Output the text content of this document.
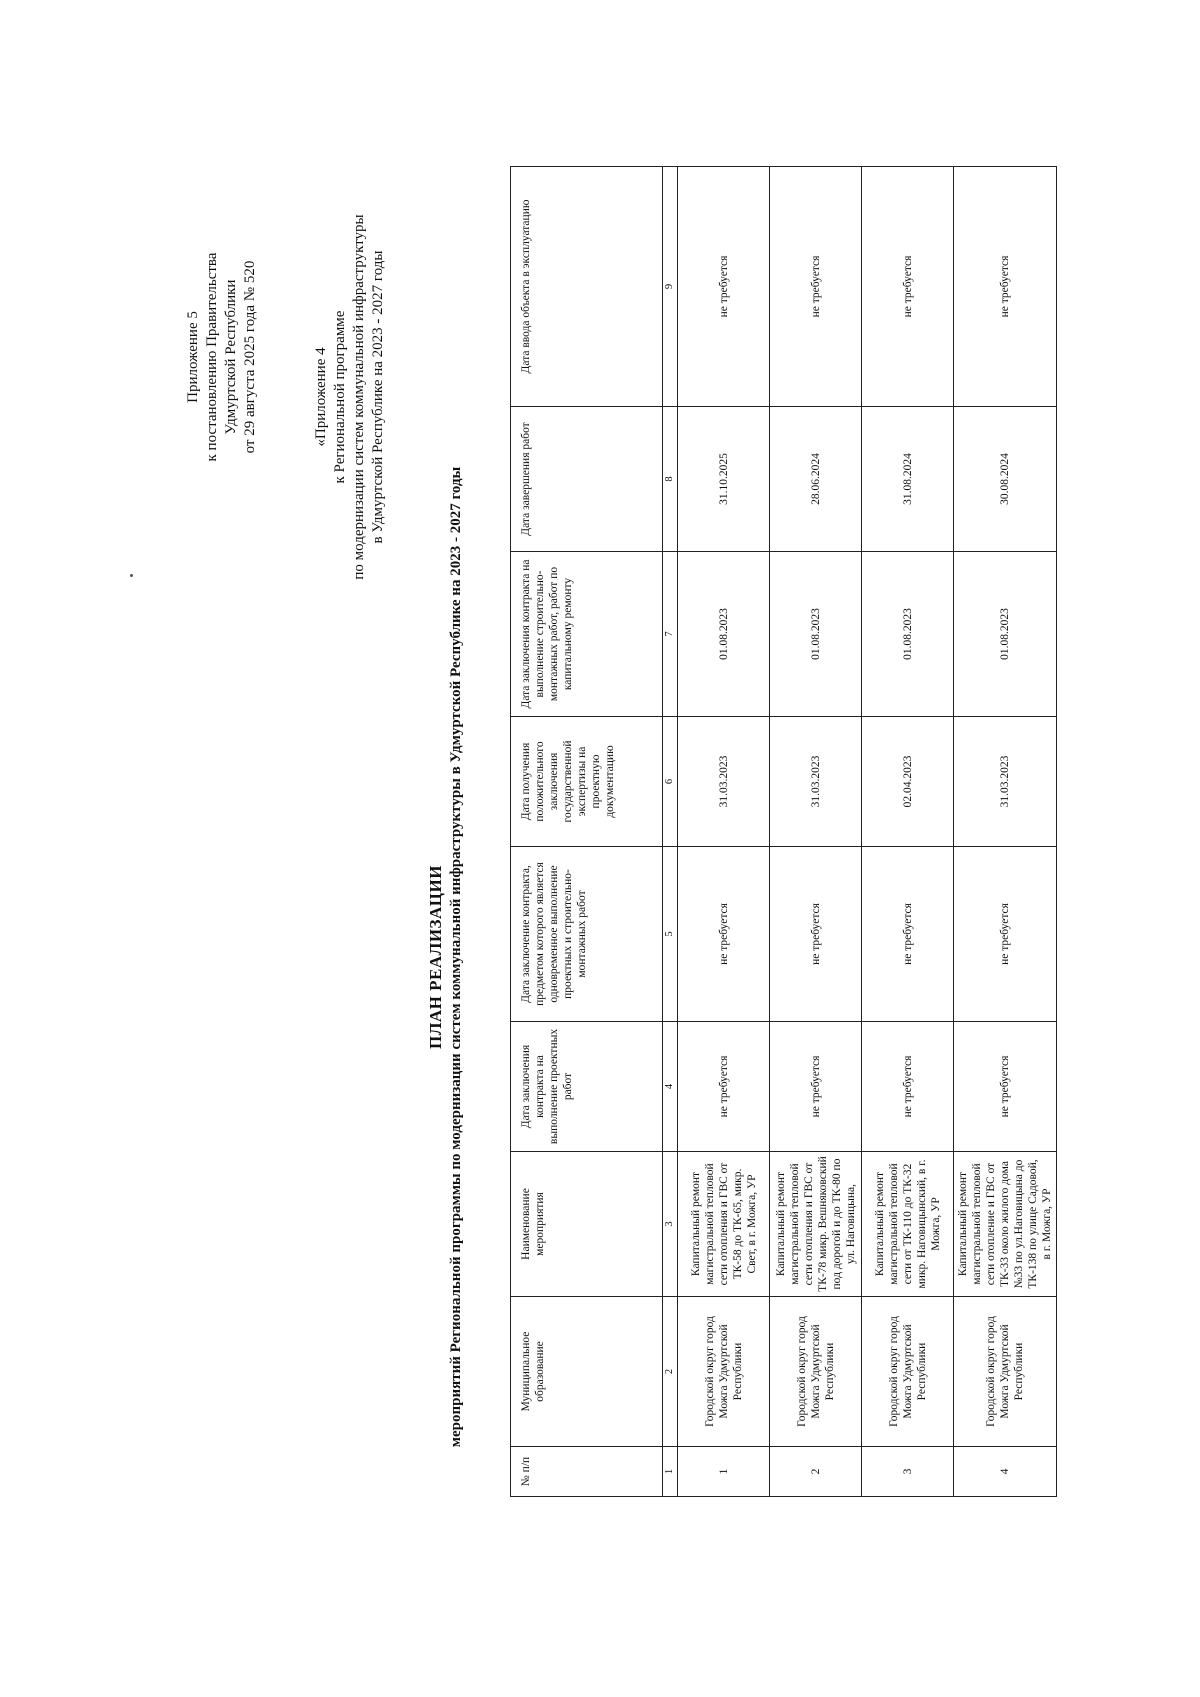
Приложение 5 к постановлению Правительства Удмуртской Республики от 29 августа 2025 года № 520	«Приложение 4 к Региональной программе по модернизации систем коммунальной инфраструктуры в Удмуртской Республике на 2023 - 2027 годы
ПЛАН РЕАЛИЗАЦИИ мероприятий Региональной программы по модернизации систем коммунальной инфраструктуры в Удмуртской Республике на 2023 - 2027 годы
№ п/п	Муниципальное образование	Наименование мероприятия	Дата заключения контракта на выполнение проектных работ	Дата заключение контракта, предметом которого является одновременное выполнение проектных и строительно-монтажных работ	Дата получения положительного заключения государственной экспертизы на проектную документацию	Дата заключения контракта на выполнение строительно-монтажных работ, работ по капитальному ремонту	Дата завершения работ	Дата ввода объекта в эксплуатацию
1	2	3	4	5	6	7	8	9
1	Городской округ город Можга Удмуртской Республики	Капитальный ремонт магистральной тепловой сети отопления и ГВС от ТК-58 до ТК-65, микр. Свет, в г. Можга, УР	не требуется	не требуется	31.03.2023	01.08.2023	31.10.2025	не требуется
2	Городской округ город Можга Удмуртской Республики	Капитальный ремонт магистральной тепловой сети отопления и ГВС от ТК-78 микр. Вешняковский под дорогой и до ТК-80 по ул. Наговицына,	не требуется	не требуется	31.03.2023	01.08.2023	28.06.2024	не требуется
3	Городской округ город Можга Удмуртской Республики	Капитальный ремонт магистральной тепловой сети от ТК-110 до ТК-32 микр. Наговицынский, в г. Можга, УР	не требуется	не требуется	02.04.2023	01.08.2023	31.08.2024	не требуется
4	Городской округ город Можга Удмуртской Республики	Капитальный ремонт магистральной тепловой сети отопление и ГВС от ТК-33 около жилого дома №33 по ул.Наговицына до ТК-138 по улице Садовой, в г. Можга, УР	не требуется	не требуется	31.03.2023	01.08.2023	30.08.2024	не требуется
